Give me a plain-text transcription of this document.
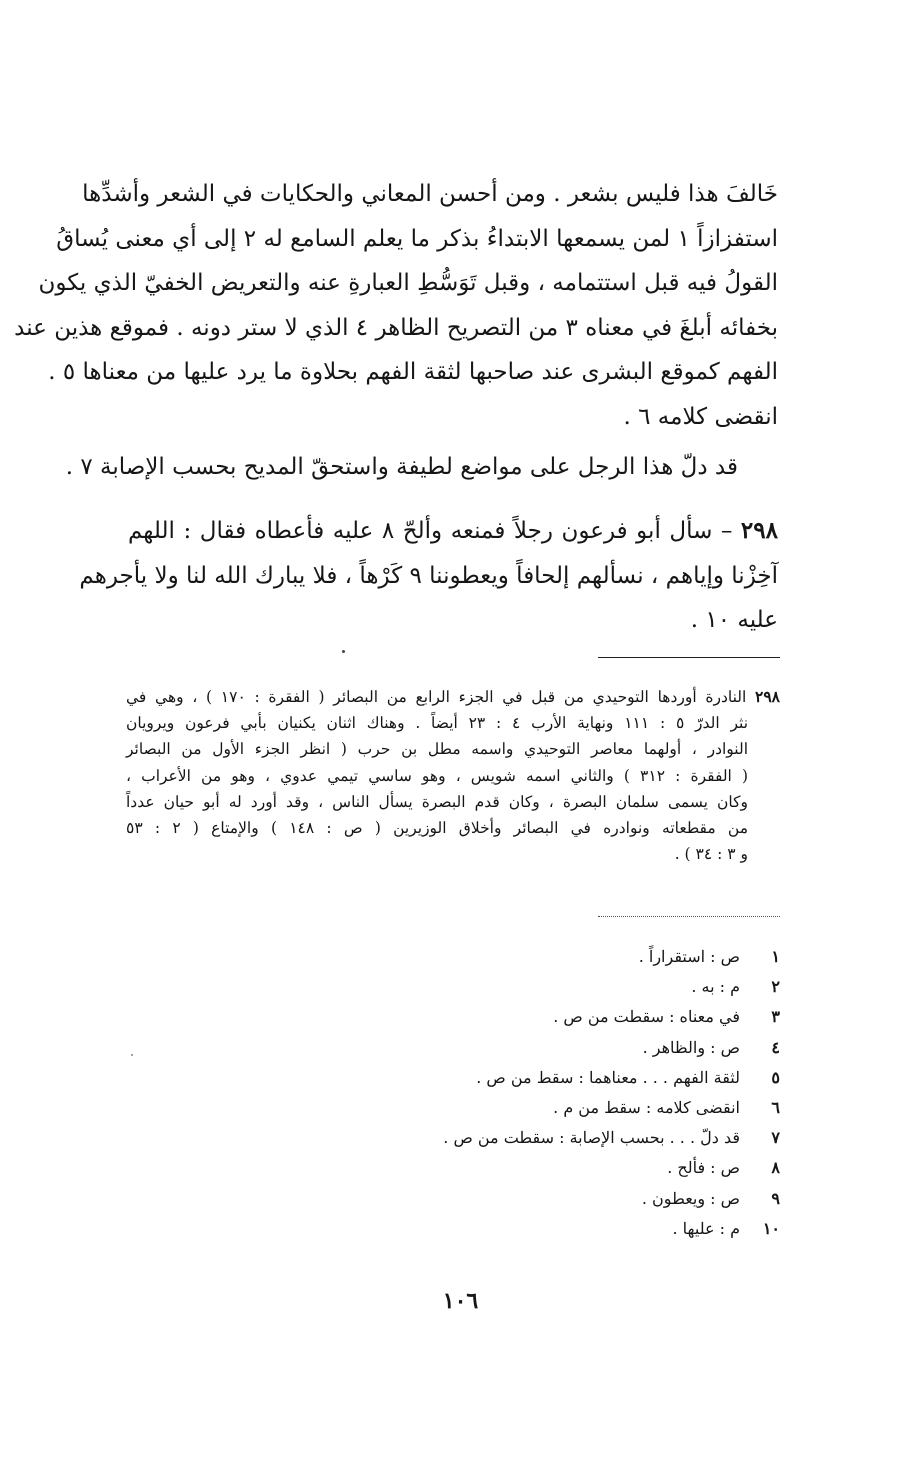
خَالفَ هذا فليس بشعر . ومن أحسن المعاني والحكايات في الشعر وأشدِّها
استفزازاً ١ لمن يسمعها الابتداءُ بذكر ما يعلم السامع له ٢ إلى أي معنى يُساقُ
القولُ فيه قبل استتمامه ، وقبل تَوَسُّطِ العبارةِ عنه والتعريض الخفيّ الذي يكون
بخفائه أبلغَ في معناه ٣ من التصريح الظاهر ٤ الذي لا ستر دونه . فموقع هذين عند
الفهم كموقع البشرى عند صاحبها لثقة الفهم بحلاوة ما يرد عليها من معناها ٥ .
انقضى كلامه ٦ .
قد دلّ هذا الرجل على مواضع لطيفة واستحقّ المديح بحسب الإصابة ٧ .
٢٩٨ – سأل أبو فرعون رجلاً فمنعه وألحّ ٨ عليه فأعطاه فقال : اللهم
آخِزْنا وإياهم ، نسألهم إلحافاً ويعطوننا ٩ كَرْهاً ، فلا يبارك الله لنا ولا يأجرهم
عليه ١٠ .
٢٩٨ النادرة أوردها التوحيدي من قبل في الجزء الرابع من البصائر ( الفقرة : ١٧٠ ) ، وهي في
نثر الدرّ ٥ : ١١١ ونهاية الأرب ٤ : ٢٣ أيضاً . وهناك اثنان يكنيان بأبي فرعون ويرويان
النوادر ، أولهما معاصر التوحيدي واسمه مطل بن حرب ( انظر الجزء الأول من البصائر
( الفقرة : ٣١٢ ) والثاني اسمه شويس ، وهو ساسي تيمي عدوي ، وهو من الأعراب ،
وكان يسمى سلمان البصرة ، وكان قدم البصرة يسأل الناس ، وقد أورد له أبو حيان عدداً
من مقطعاته ونوادره في البصائر وأخلاق الوزيرين ( ص : ١٤٨ ) والإمتاع ( ٢ : ٥٣
و ٣ : ٣٤ ) .
١ص : استقراراً .
٢م : به .
٣في معناه : سقطت من ص .
٤ص : والظاهر .
٥لثقة الفهم . . . معناهما : سقط من ص .
٦انقضى كلامه : سقط من م .
٧قد دلّ . . . بحسب الإصابة : سقطت من ص .
٨ص : فألح .
٩ص : ويعطون .
١٠م : عليها .
١٠٦
